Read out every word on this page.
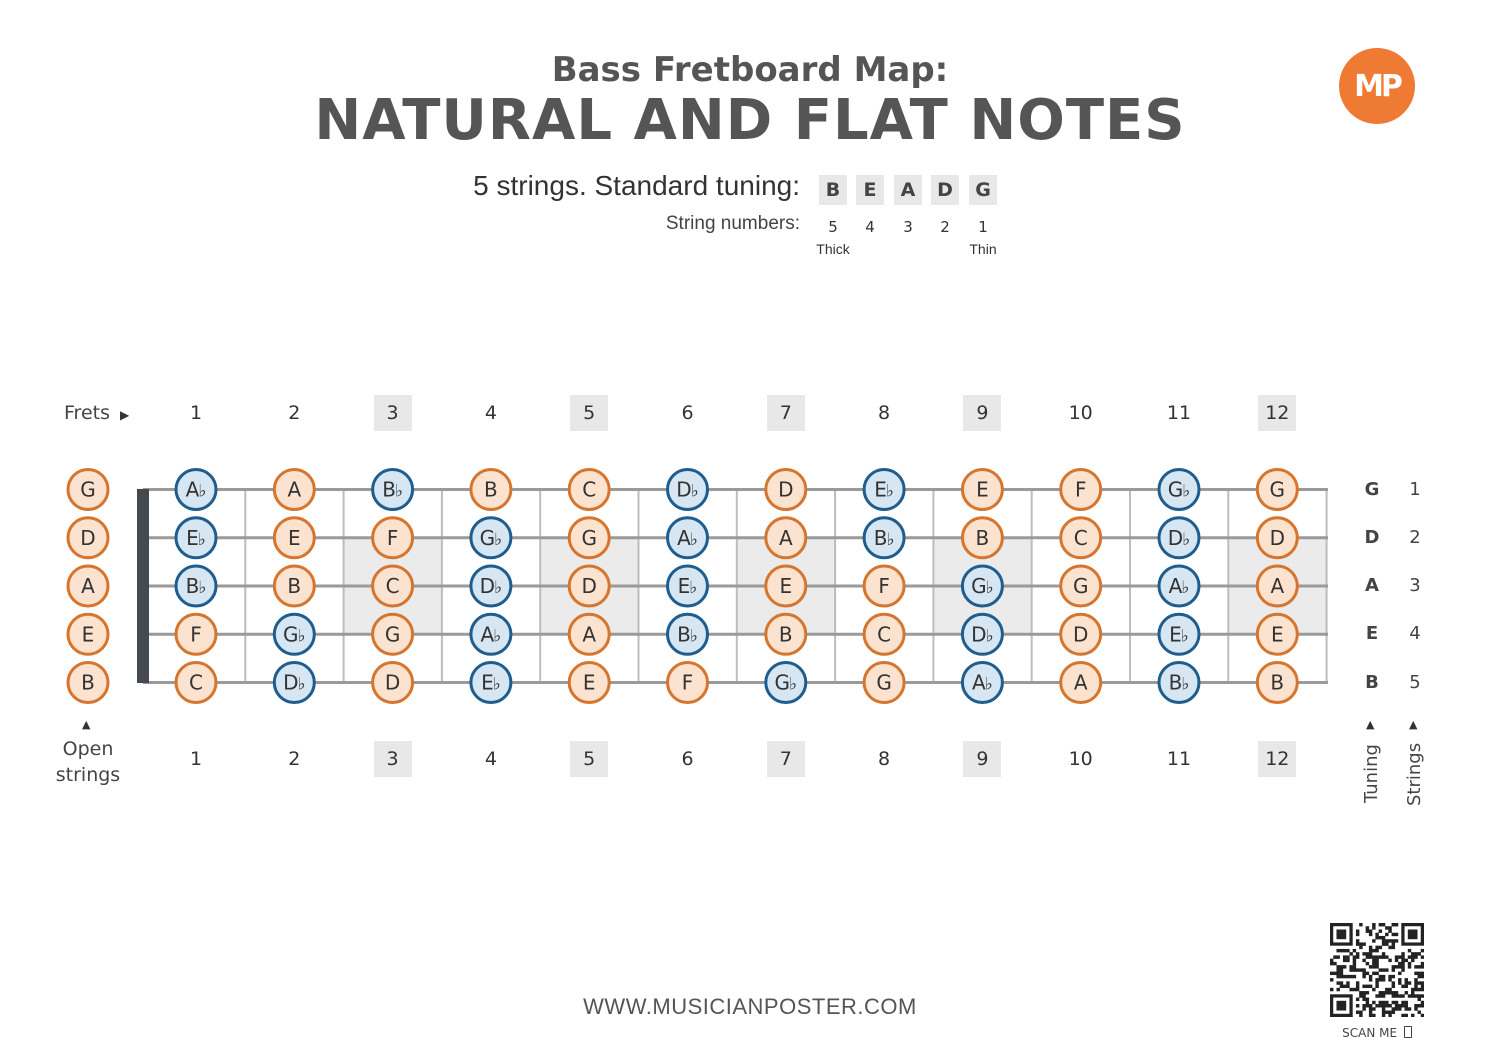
Bass Fretboard Map:
NATURAL AND FLAT NOTES
MP
5 strings. Standard tuning:	B	E	A	D	G
String numbers:	5	4	3	2	1
Thick	Thin
Frets ▶	1	2	3	4	5	6	7	8	9	10	11	12
1	2	3	4	5	6	7	8	9	10	11	12
G	A♭	A	B♭	B	C	D♭	D	E♭	E	F	G♭	G
D	E♭	E	F	G♭	G	A♭	A	B♭	B	C	D♭	D
A	B♭	B	C	D♭	D	E♭	E	F	G♭	G	A♭	A
E	F	G♭	G	A♭	A	B♭	B	C	D♭	D	E♭	E
B	C	D♭	D	E♭	E	F	G♭	G	A♭	A	B♭	B
G	1
D	2
A	3
E	4
B	5
▲
Open
strings
▲	▲
Tuning Strings
WWW.MUSICIANPOSTER.COM
SCAN ME
